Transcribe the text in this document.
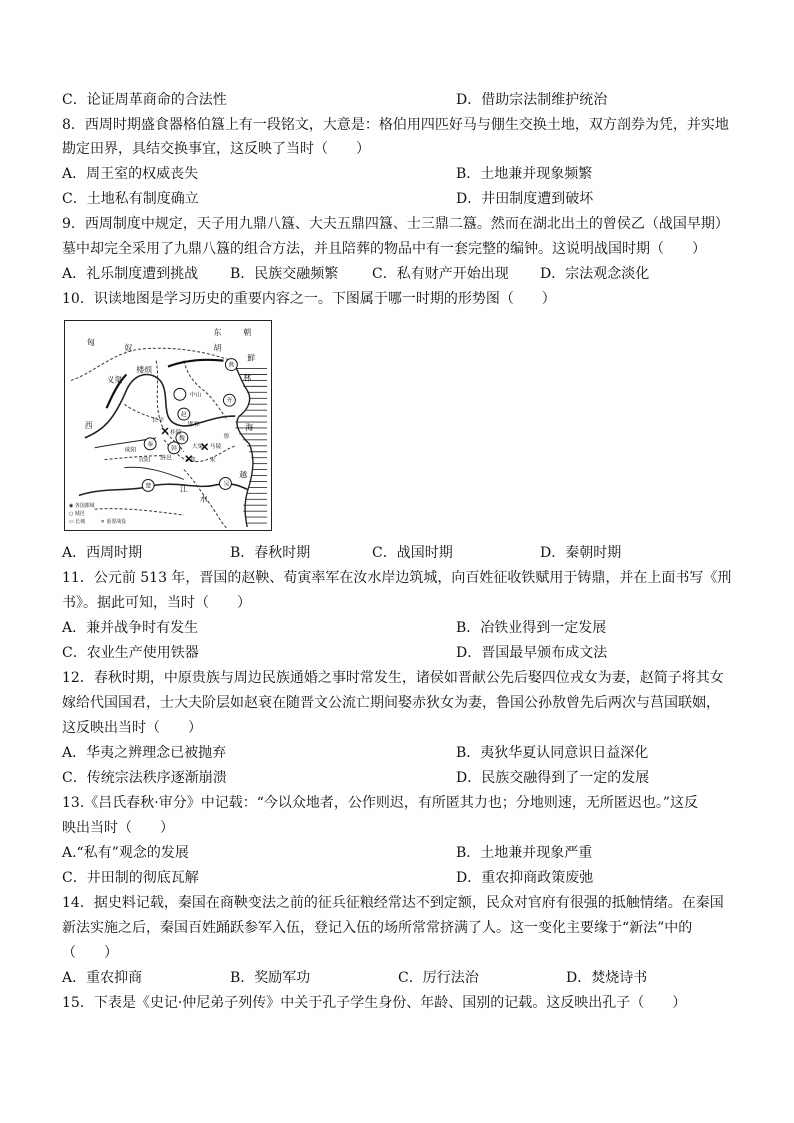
C．论证周革商命的合法性	D．借助宗法制维护统治
8．西周时期盛食器格伯簋上有一段铭文，大意是：格伯用四匹好马与倗生交换土地，双方剖券为凭，并实地
勘定田界，具结交换事宜，这反映了当时（　　）
A．周王室的权威丧失	B．土地兼并现象频繁
C．土地私有制度确立	D．井田制度遭到破坏
9．西周制度中规定，天子用九鼎八簋、大夫五鼎四簋、士三鼎二簋。然而在湖北出土的曾侯乙（战国早期）
墓中却完全采用了九鼎八簋的组合方法，并且陪葬的物品中有一套完整的编钟。这说明战国时期（　　）
A．礼乐制度遭到挑战 B．民族交融频繁 C．私有财产开始出现 D．宗法观念淡化
10．识读地图是学习历史的重要内容之一。下图属于哪一时期的形势图（　　）
东
胡
匈
奴
林
楼烦
燕
中山
赵
秦
魏
韩
齐
楚
海
长平
邯郸
大梁 马陵
桂陵
咸阳
郑 宋
鲁
越
吴
江
水
朝
鲜
西
宜阳 洛邑
义渠
◉ 各国都城
○ 城邑
▭ 长城	✕ 重要战役
A．西周时期	B．春秋时期	C．战国时期	D．秦朝时期
11．公元前 513 年，晋国的赵鞅、荀寅率军在汝水岸边筑城，向百姓征收铁赋用于铸鼎，并在上面书写《刑
书》。据此可知，当时（　　）
A．兼并战争时有发生	B．冶铁业得到一定发展
C．农业生产使用铁器	D．晋国最早颁布成文法
12．春秋时期，中原贵族与周边民族通婚之事时常发生，诸侯如晋献公先后娶四位戎女为妻，赵简子将其女
嫁给代国国君，士大夫阶层如赵衰在随晋文公流亡期间娶赤狄女为妻，鲁国公孙敖曾先后两次与莒国联姻，
这反映出当时（　　）
A．华夷之辨理念已被抛弃	B．夷狄华夏认同意识日益深化
C．传统宗法秩序逐渐崩溃	D．民族交融得到了一定的发展
13.《吕氏春秋·审分》中记载：“今以众地者，公作则迟，有所匿其力也；分地则速，无所匿迟也。”这反
映出当时（　　）
A.“私有”观念的发展	B．土地兼并现象严重
C．井田制的彻底瓦解	D．重农抑商政策废弛
14．据史料记载，秦国在商鞅变法之前的征兵征粮经常达不到定额，民众对官府有很强的抵触情绪。在秦国
新法实施之后，秦国百姓踊跃参军入伍，登记入伍的场所常常挤满了人。这一变化主要缘于“新法”中的
（　　）
A．重农抑商	B．奖励军功	C．厉行法治	D．焚烧诗书
15．下表是《史记·仲尼弟子列传》中关于孔子学生身份、年龄、国别的记载。这反映出孔子（　　）
